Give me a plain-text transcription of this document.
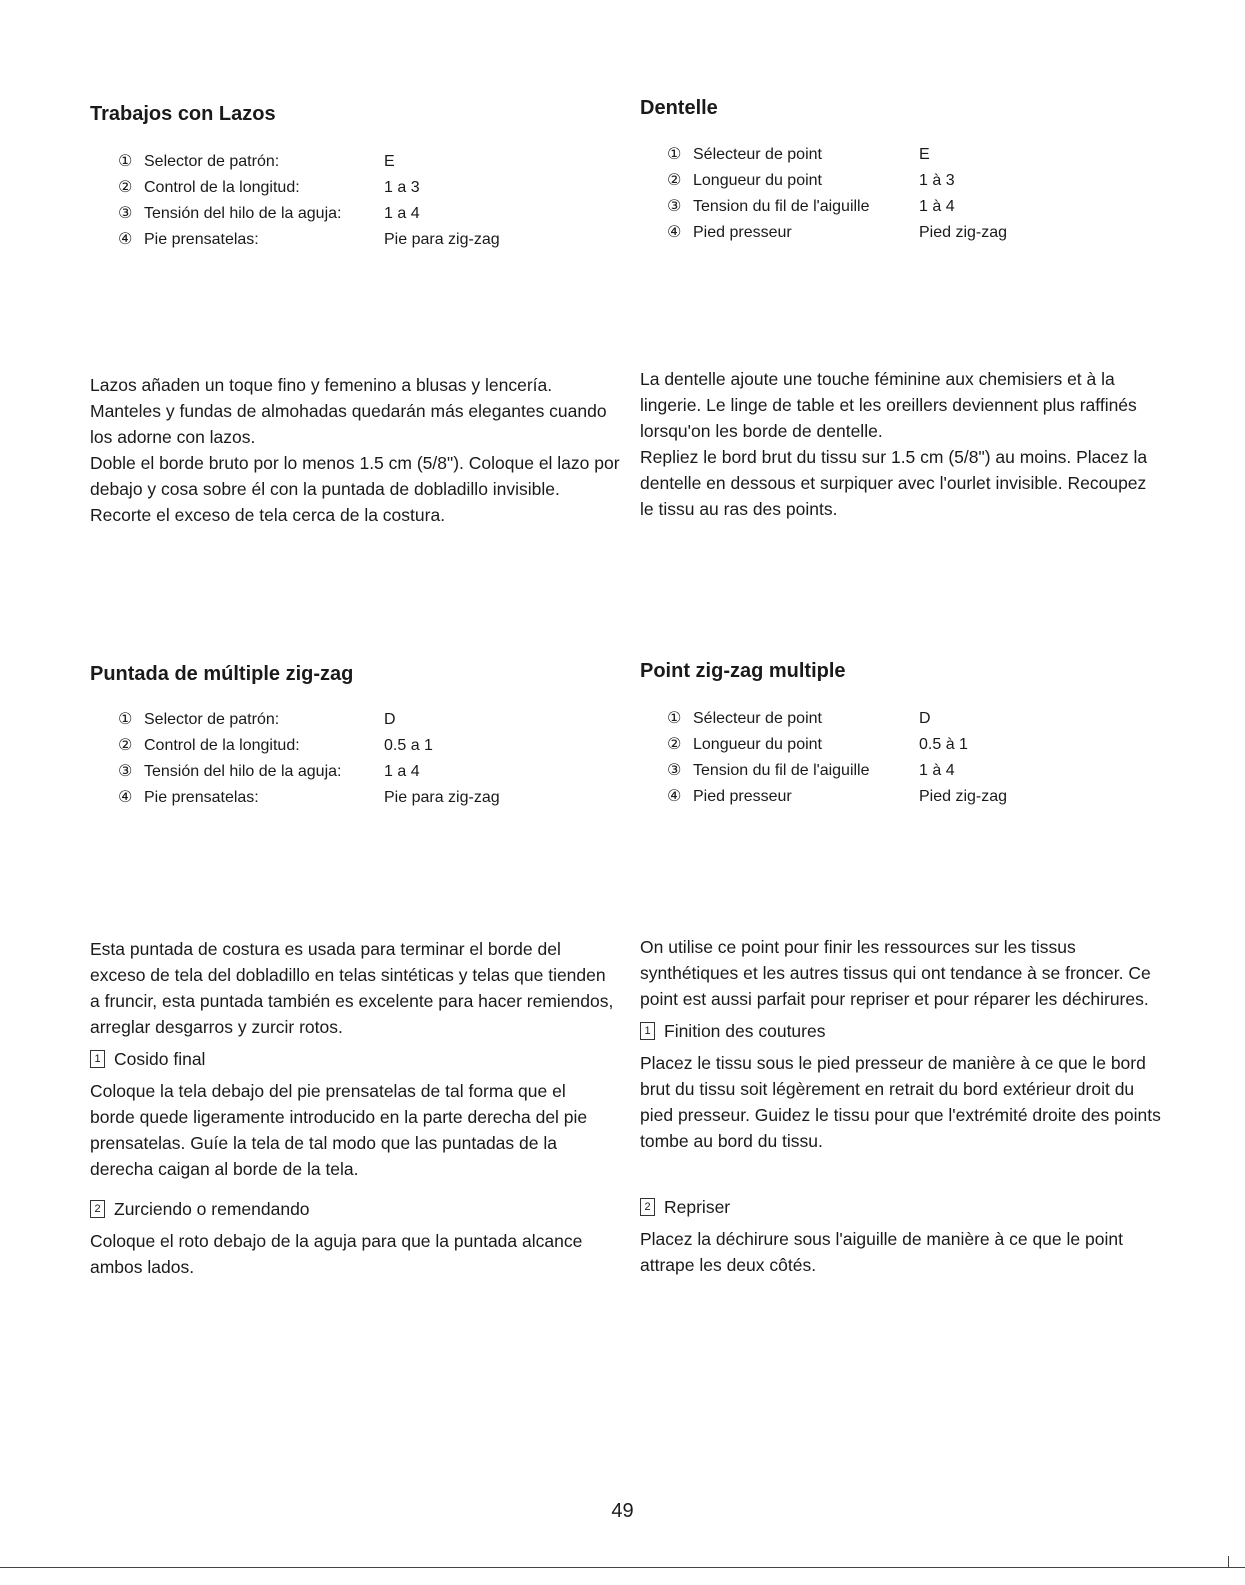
Trabajos con Lazos
① Selector de patrón:	E
② Control de la longitud:	1 a 3
③ Tensión del hilo de la aguja:	1 a 4
④ Pie prensatelas:	Pie para zig-zag

Lazos añaden un toque fino y femenino a blusas y lencería. Manteles y fundas de almohadas quedarán más elegantes cuando los adorne con lazos.

Doble el borde bruto por lo menos 1.5 cm (5/8"). Coloque el lazo por debajo y cosa sobre él con la puntada de dobladillo invisible. Recorte el exceso de tela cerca de la costura.

Dentelle
① Sélecteur de point	E
② Longueur du point	1 à 3
③ Tension du fil de l'aiguille	1 à 4
④ Pied presseur	Pied zig-zag

La dentelle ajoute une touche féminine aux chemisiers et à la lingerie. Le linge de table et les oreillers deviennent plus raffinés lorsqu'on les borde de dentelle.

Repliez le bord brut du tissu sur 1.5 cm (5/8") au moins. Placez la dentelle en dessous et surpiquer avec l'ourlet invisible. Recoupez le tissu au ras des points.

Puntada de múltiple zig-zag
① Selector de patrón:	D
② Control de la longitud:	0.5 a 1
③ Tensión del hilo de la aguja:	1 a 4
④ Pie prensatelas:	Pie para zig-zag

Esta puntada de costura es usada para terminar el borde del exceso de tela del dobladillo en telas sintéticas y telas que tienden a fruncir, esta puntada también es excelente para hacer remiendos, arreglar desgarros y zurcir rotos.

1 Cosido final

Coloque la tela debajo del pie prensatelas de tal forma que el borde quede ligeramente introducido en la parte derecha del pie prensatelas. Guíe la tela de tal modo que las puntadas de la derecha caigan al borde de la tela.

2 Zurciendo o remendando

Coloque el roto debajo de la aguja para que la puntada alcance ambos lados.

Point zig-zag multiple
① Sélecteur de point	D
② Longueur du point	0.5 à 1
③ Tension du fil de l'aiguille	1 à 4
④ Pied presseur	Pied zig-zag

On utilise ce point pour finir les ressources sur les tissus synthétiques et les autres tissus qui ont tendance à se froncer. Ce point est aussi parfait pour repriser et pour réparer les déchirures.

1 Finition des coutures

Placez le tissu sous le pied presseur de manière à ce que le bord brut du tissu soit légèrement en retrait du bord extérieur droit du pied presseur. Guidez le tissu pour que l'extrémité droite des points tombe au bord du tissu.

2 Repriser

Placez la déchirure sous l'aiguille de manière à ce que le point attrape les deux côtés.

49
